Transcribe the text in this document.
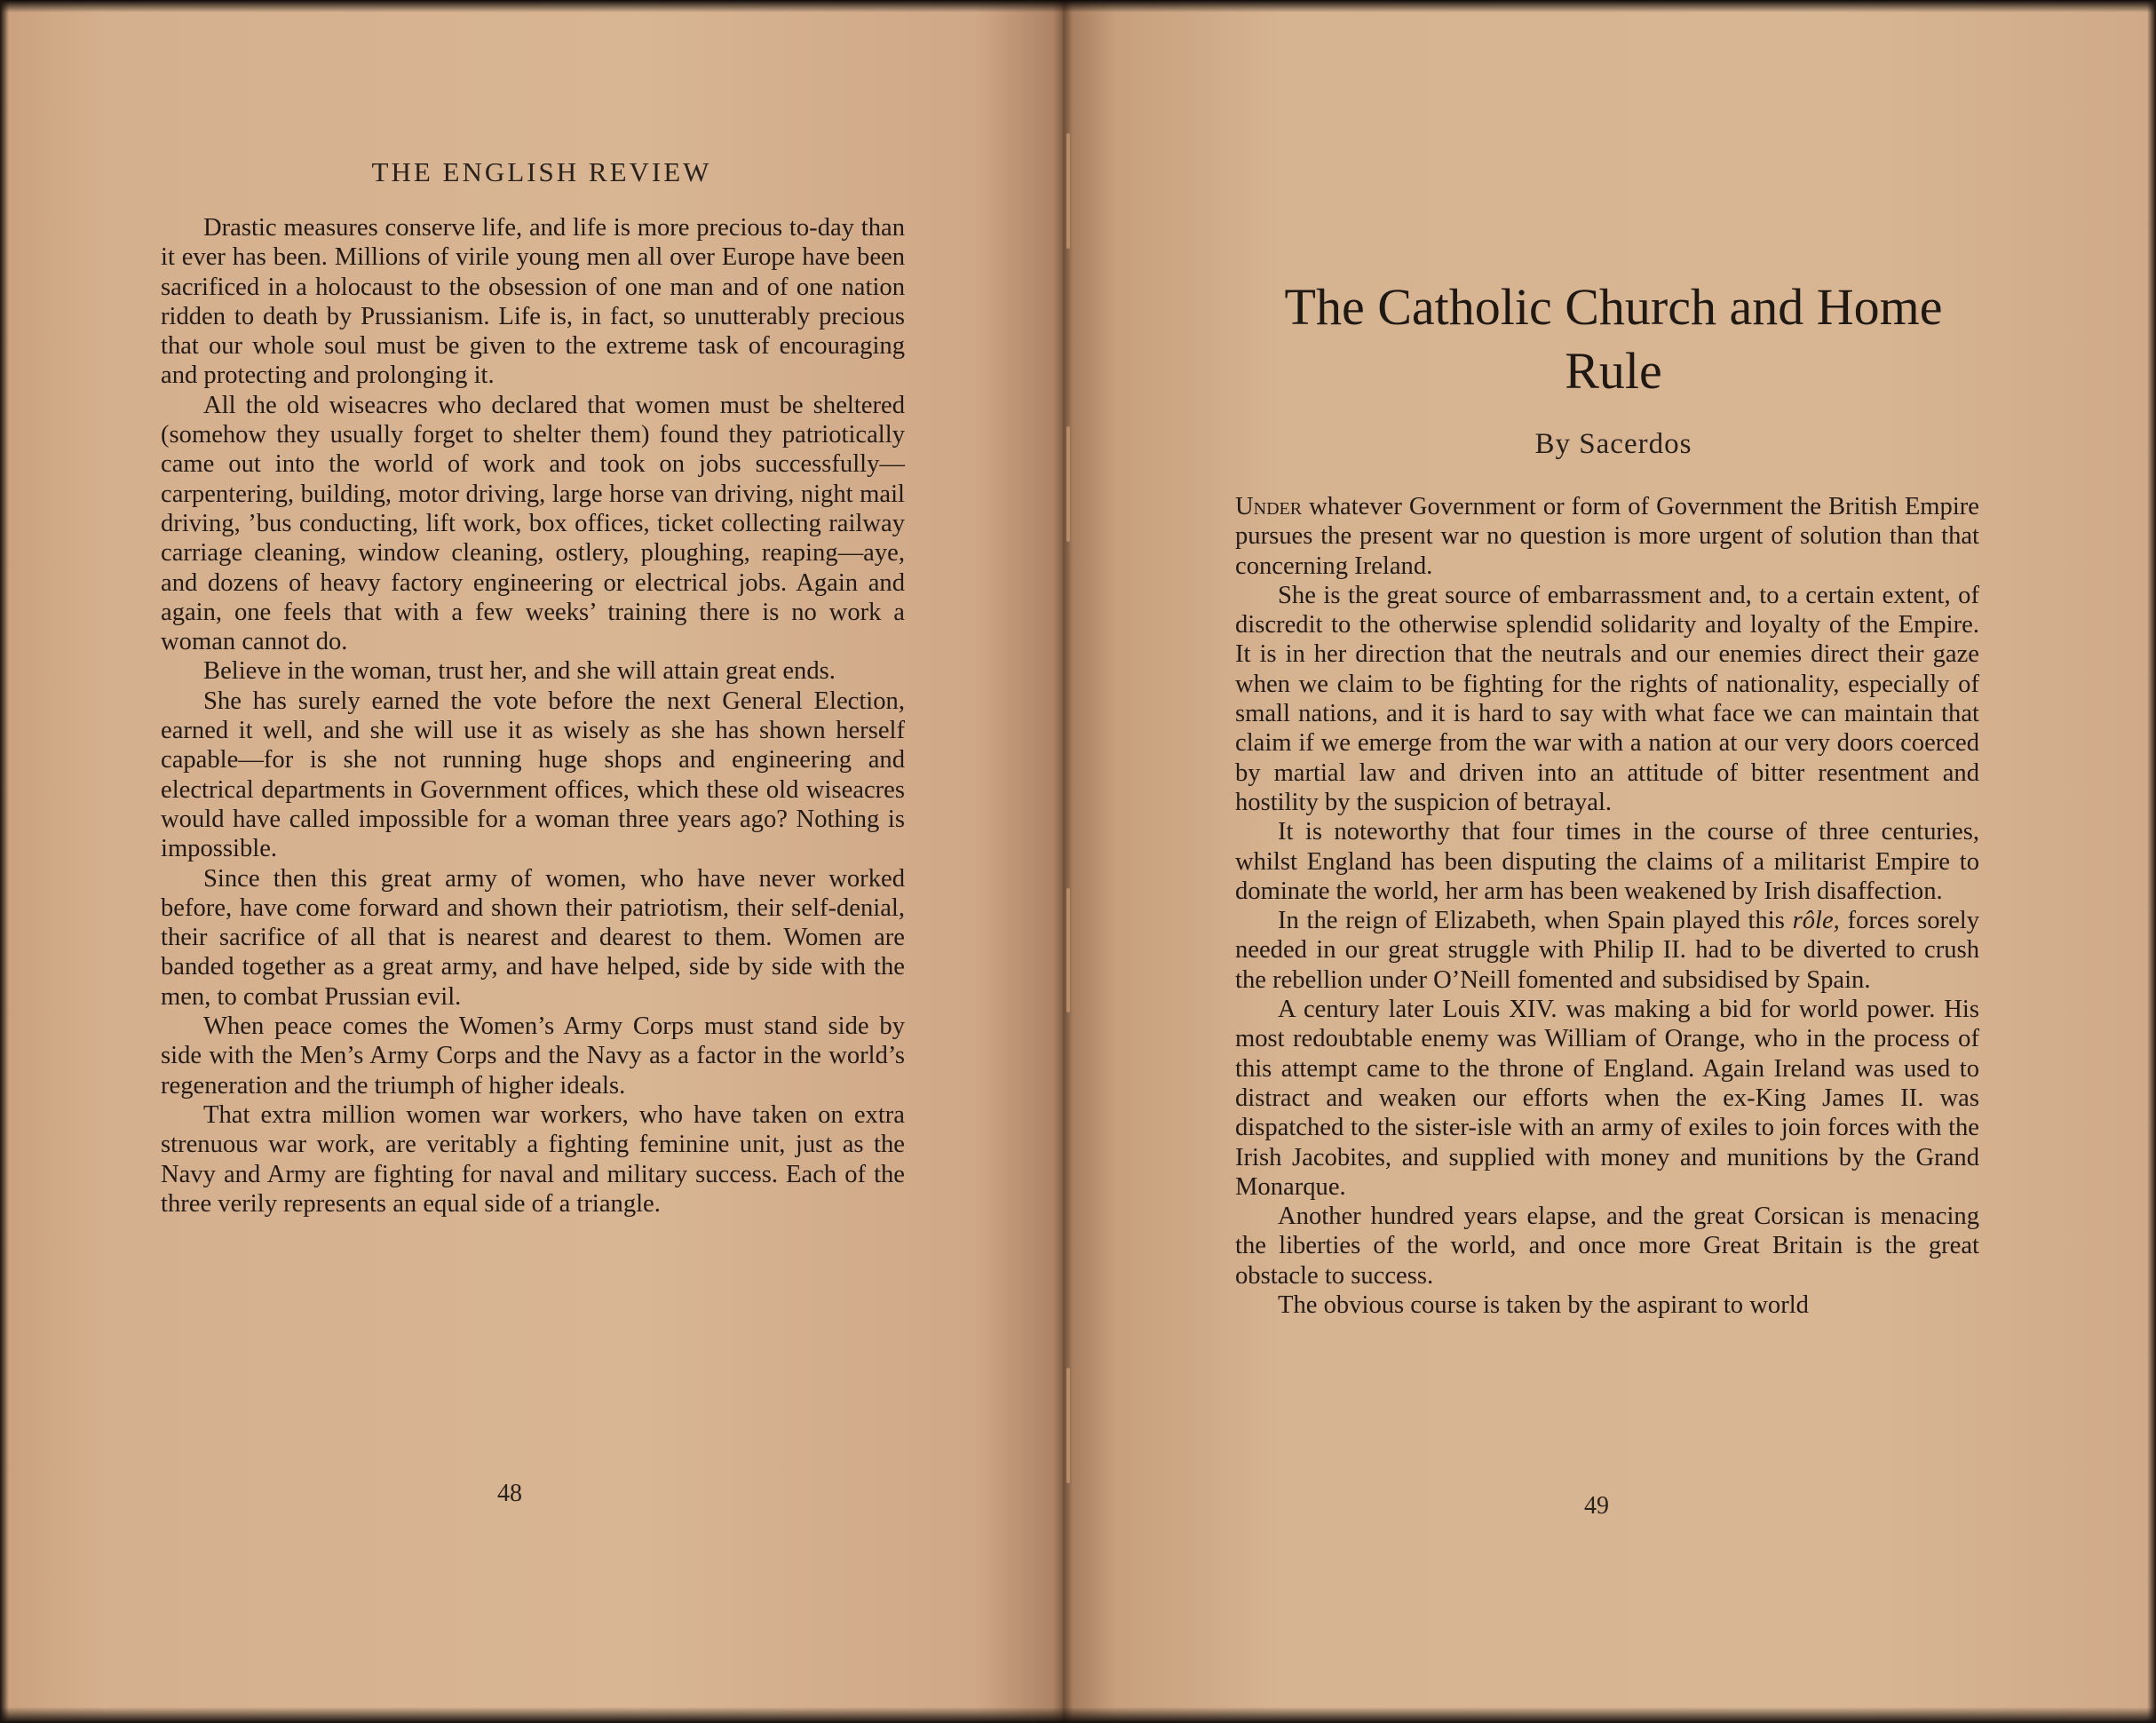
THE ENGLISH REVIEW

Drastic measures conserve life, and life is more precious to-day than it ever has been. Millions of virile young men all over Europe have been sacrificed in a holocaust to the obsession of one man and of one nation ridden to death by Prussianism. Life is, in fact, so unutterably precious that our whole soul must be given to the extreme task of encouraging and protecting and prolonging it.

All the old wiseacres who declared that women must be sheltered (somehow they usually forget to shelter them) found they patriotically came out into the world of work and took on jobs successfully—carpentering, building, motor driving, large horse van driving, night mail driving, ’bus conducting, lift work, box offices, ticket collecting railway carriage cleaning, window cleaning, ostlery, ploughing, reaping—aye, and dozens of heavy factory engineering or electrical jobs. Again and again, one feels that with a few weeks’ training there is no work a woman cannot do.

Believe in the woman, trust her, and she will attain great ends.

She has surely earned the vote before the next General Election, earned it well, and she will use it as wisely as she has shown herself capable—for is she not running huge shops and engineering and electrical departments in Government offices, which these old wiseacres would have called impossible for a woman three years ago? Nothing is impossible.

Since then this great army of women, who have never worked before, have come forward and shown their patriotism, their self-denial, their sacrifice of all that is nearest and dearest to them. Women are banded together as a great army, and have helped, side by side with the men, to combat Prussian evil.

When peace comes the Women’s Army Corps must stand side by side with the Men’s Army Corps and the Navy as a factor in the world’s regeneration and the triumph of higher ideals.

That extra million women war workers, who have taken on extra strenuous war work, are veritably a fighting feminine unit, just as the Navy and Army are fighting for naval and military success. Each of the three verily represents an equal side of a triangle.

48
The Catholic Church and Home Rule
By Sacerdos

Under whatever Government or form of Government the British Empire pursues the present war no question is more urgent of solution than that concerning Ireland.

She is the great source of embarrassment and, to a certain extent, of discredit to the otherwise splendid solidarity and loyalty of the Empire. It is in her direction that the neutrals and our enemies direct their gaze when we claim to be fighting for the rights of nationality, especially of small nations, and it is hard to say with what face we can maintain that claim if we emerge from the war with a nation at our very doors coerced by martial law and driven into an attitude of bitter resentment and hostility by the suspicion of betrayal.

It is noteworthy that four times in the course of three centuries, whilst England has been disputing the claims of a militarist Empire to dominate the world, her arm has been weakened by Irish disaffection.

In the reign of Elizabeth, when Spain played this rôle, forces sorely needed in our great struggle with Philip II. had to be diverted to crush the rebellion under O’Neill fomented and subsidised by Spain.

A century later Louis XIV. was making a bid for world power. His most redoubtable enemy was William of Orange, who in the process of this attempt came to the throne of England. Again Ireland was used to distract and weaken our efforts when the ex-King James II. was dispatched to the sister-isle with an army of exiles to join forces with the Irish Jacobites, and supplied with money and munitions by the Grand Monarque.

Another hundred years elapse, and the great Corsican is menacing the liberties of the world, and once more Great Britain is the great obstacle to success.

The obvious course is taken by the aspirant to world

49
